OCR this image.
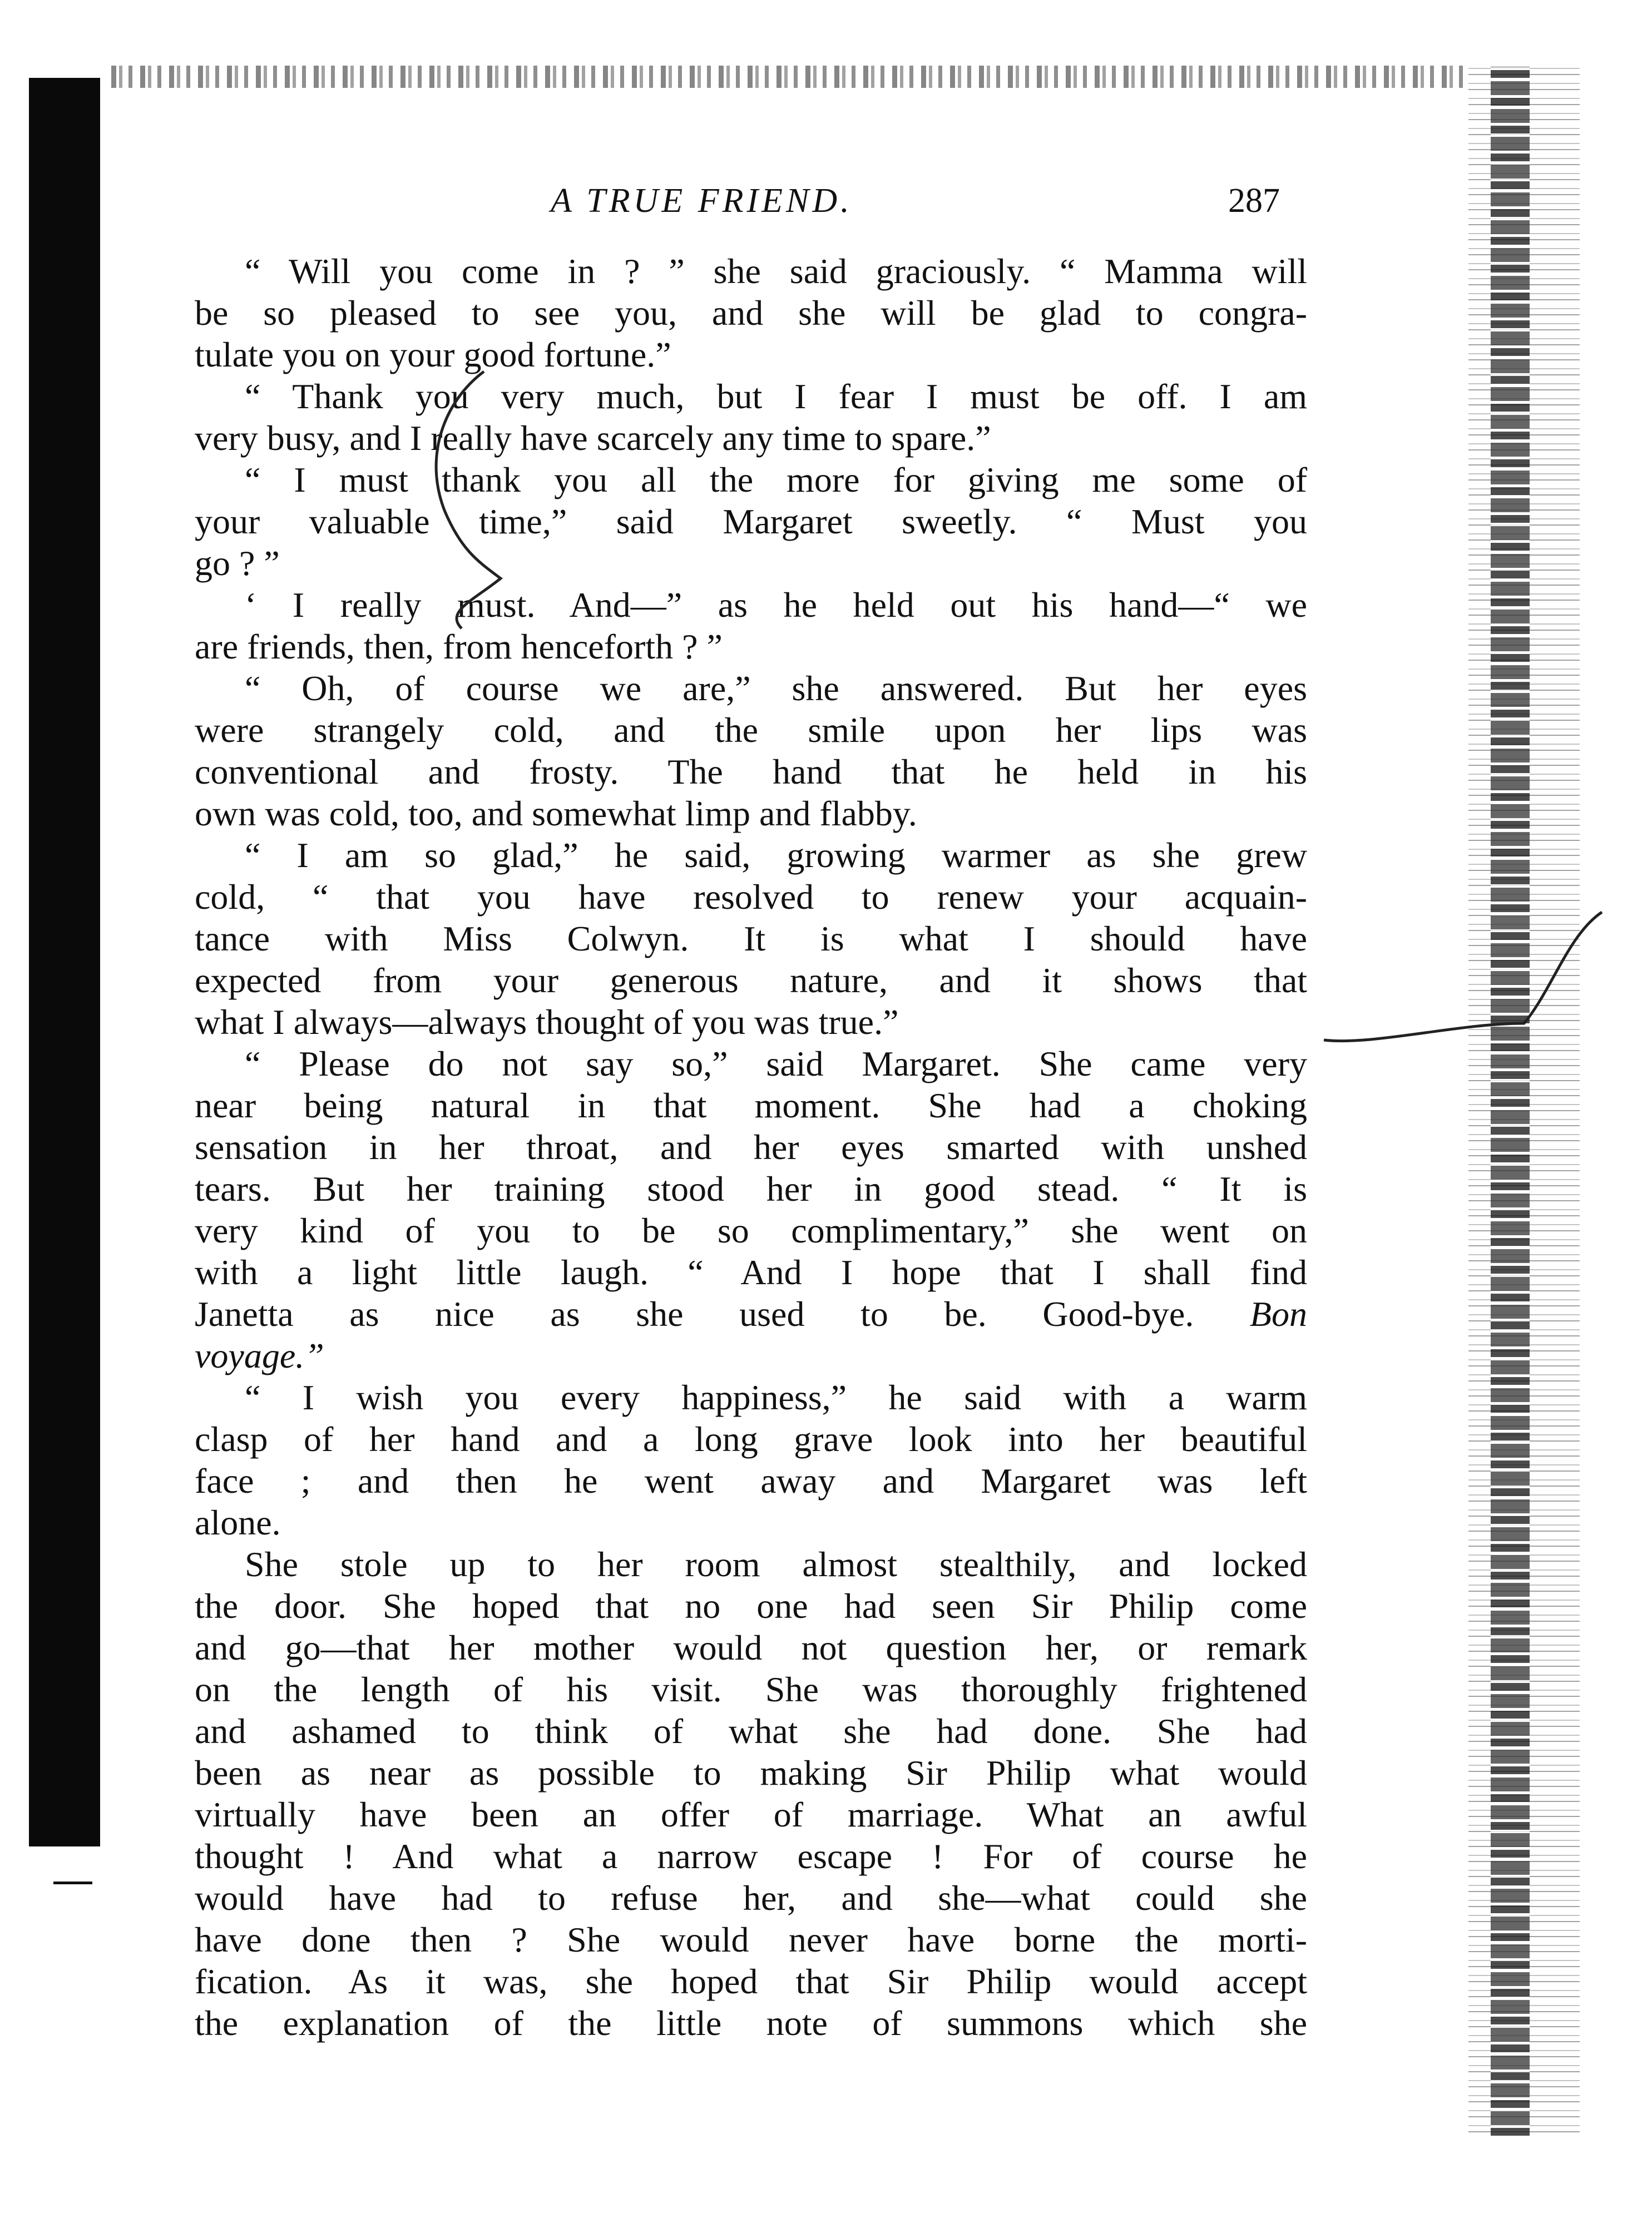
A TRUE FRIEND.	287
“ Will you come in ? ” she said graciously. “ Mamma will
be so pleased to see you, and she will be glad to congra-
tulate you on your good fortune.”
“ Thank you very much, but I fear I must be off. I am
very busy, and I really have scarcely any time to spare.”
“ I must thank you all the more for giving me some of
your valuable time,” said Margaret sweetly. “ Must you
go ? ”
‘ I really must. And—” as he held out his hand—“ we
are friends, then, from henceforth ? ”
“ Oh, of course we are,” she answered. But her eyes
were strangely cold, and the smile upon her lips was
conventional and frosty. The hand that he held in his
own was cold, too, and somewhat limp and flabby.
“ I am so glad,” he said, growing warmer as she grew
cold, “ that you have resolved to renew your acquain-
tance with Miss Colwyn. It is what I should have
expected from your generous nature, and it shows that
what I always—always thought of you was true.”
“ Please do not say so,” said Margaret. She came very
near being natural in that moment. She had a choking
sensation in her throat, and her eyes smarted with unshed
tears. But her training stood her in good stead. “ It is
very kind of you to be so complimentary,” she went on
with a light little laugh. “ And I hope that I shall find
Janetta as nice as she used to be. Good-bye. Bon
voyage.”
“ I wish you every happiness,” he said with a warm
clasp of her hand and a long grave look into her beautiful
face ; and then he went away and Margaret was left
alone.
She stole up to her room almost stealthily, and locked
the door. She hoped that no one had seen Sir Philip come
and go—that her mother would not question her, or remark
on the length of his visit. She was thoroughly frightened
and ashamed to think of what she had done. She had
been as near as possible to making Sir Philip what would
virtually have been an offer of marriage. What an awful
thought ! And what a narrow escape ! For of course he
would have had to refuse her, and she—what could she
have done then ? She would never have borne the morti-
fication. As it was, she hoped that Sir Philip would accept
the explanation of the little note of summons which she
